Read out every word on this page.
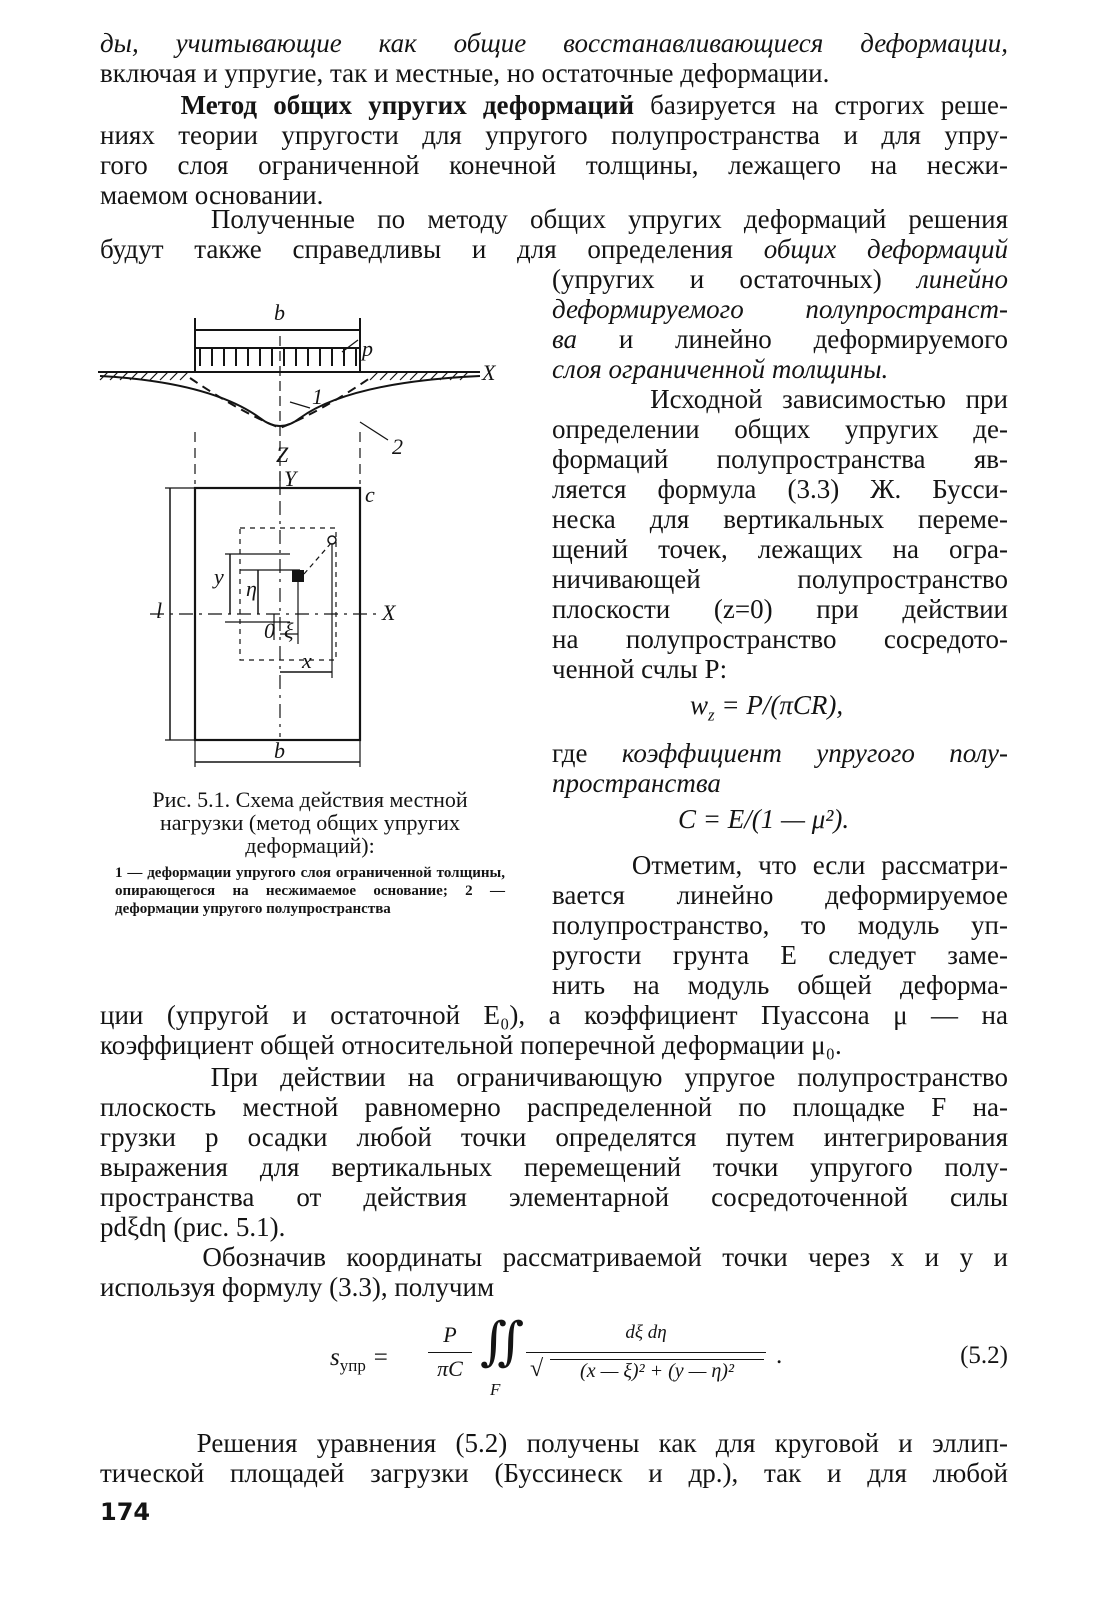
ды, учитывающие как общие восстанавливающиеся деформации,
включая и упругие, так и местные, но остаточные деформации.
Метод общих упругих деформаций базируется на строгих реше-
ниях теории упругости для упругого полупространства и для упру-
гого слоя ограниченной конечной толщины, лежащего на несжи-
маемом основании.
Полученные по методу общих упругих деформаций решения
будут также справедливы и для определения общих деформаций
(упругих и остаточных) линейно
деформируемого полупространст-
ва и линейно деформируемого
слоя ограниченной толщины.
Исходной зависимостью при
определении общих упругих де-
формаций полупространства яв-
ляется формула (3.3) Ж. Бусси-
неска для вертикальных переме-
щений точек, лежащих на огра-
ничивающей полупространство
плоскости (z=0) при действии
на полупространство сосредото-
ченной счлы P:
$w_z = P/(\pi CR)$,
где коэффициент упругого полу-
пространства
C = E/(1 — μ²).
Отметим, что если рассматри-
вается линейно деформируемое
полупространство, то модуль уп-
ругости грунта E следует заме-
нить на модуль общей деформа-
b
p
X
1
2
Z
Y
c
l
η
y
0 ξ
x
X
b
Рис. 5.1. Схема действия местной нагрузки (метод общих упругих деформаций):
1 — деформации упругого слоя ограниченной толщины, опирающегося на несжимаемое основание; 2 — деформации упругого полупространства
ции (упругой и остаточной E₀), а коэффициент Пуассона μ — на
коэффициент общей относительной поперечной деформации μ₀.
При действии на ограничивающую упругое полупространство
плоскость местной равномерно распределенной по площадке F на-
грузки p осадки любой точки определятся путем интегрирования
выражения для вертикальных перемещений точки упругого полу-
пространства от действия элементарной сосредоточенной силы
pdξdη (рис. 5.1).
Обозначив координаты рассматриваемой точки через x и y и
используя формулу (3.3), получим
$s_{упр}$ =
P
πC ∬
F
dξ dη
√	(x — ξ)² + (y — η)²
.	(5.2)
Решения уравнения (5.2) получены как для круговой и эллип-
тической площадей загрузки (Буссинеск и др.), так и для любой
174
